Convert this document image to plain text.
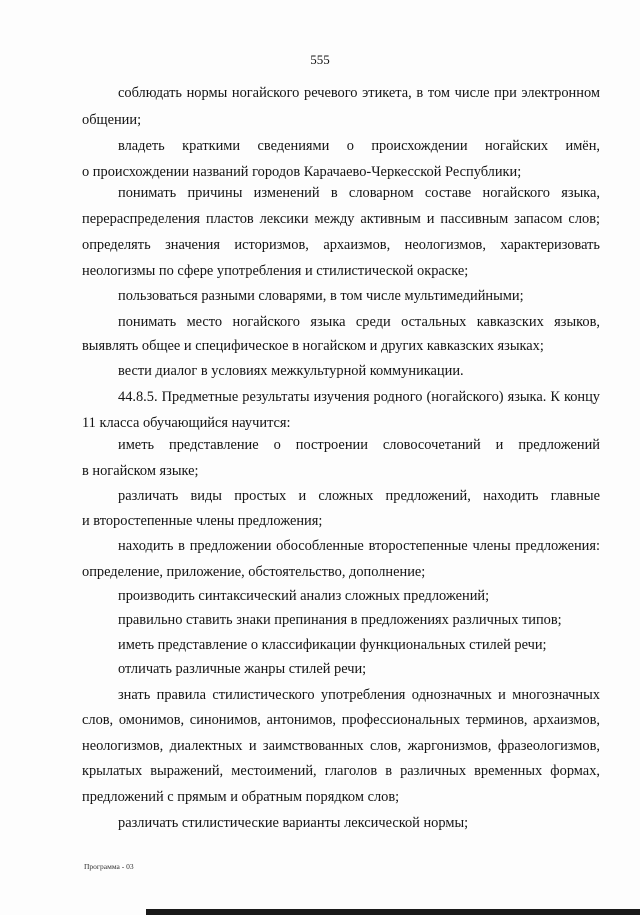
555
соблюдать нормы ногайского речевого этикета, в том числе при электронном
общении;
владеть краткими сведениями о происхождении ногайских имён,
о происхождении названий городов Карачаево-Черкесской Республики;
понимать причины изменений в словарном составе ногайского языка,
перераспределения пластов лексики между активным и пассивным запасом слов;
определять значения историзмов, архаизмов, неологизмов, характеризовать
неологизмы по сфере употребления и стилистической окраске;
пользоваться разными словарями, в том числе мультимедийными;
понимать место ногайского языка среди остальных кавказских языков,
выявлять общее и специфическое в ногайском и других кавказских языках;
вести диалог в условиях межкультурной коммуникации.
44.8.5. Предметные результаты изучения родного (ногайского) языка. К концу
11 класса обучающийся научится:
иметь представление о построении словосочетаний и предложений
в ногайском языке;
различать виды простых и сложных предложений, находить главные
и второстепенные члены предложения;
находить в предложении обособленные второстепенные члены предложения:
определение, приложение, обстоятельство, дополнение;
производить синтаксический анализ сложных предложений;
правильно ставить знаки препинания в предложениях различных типов;
иметь представление о классификации функциональных стилей речи;
отличать различные жанры стилей речи;
знать правила стилистического употребления однозначных и многозначных
слов, омонимов, синонимов, антонимов, профессиональных терминов, архаизмов,
неологизмов, диалектных и заимствованных слов, жаргонизмов, фразеологизмов,
крылатых выражений, местоимений, глаголов в различных временных формах,
предложений с прямым и обратным порядком слов;
различать стилистические варианты лексической нормы;
Программа - 03
